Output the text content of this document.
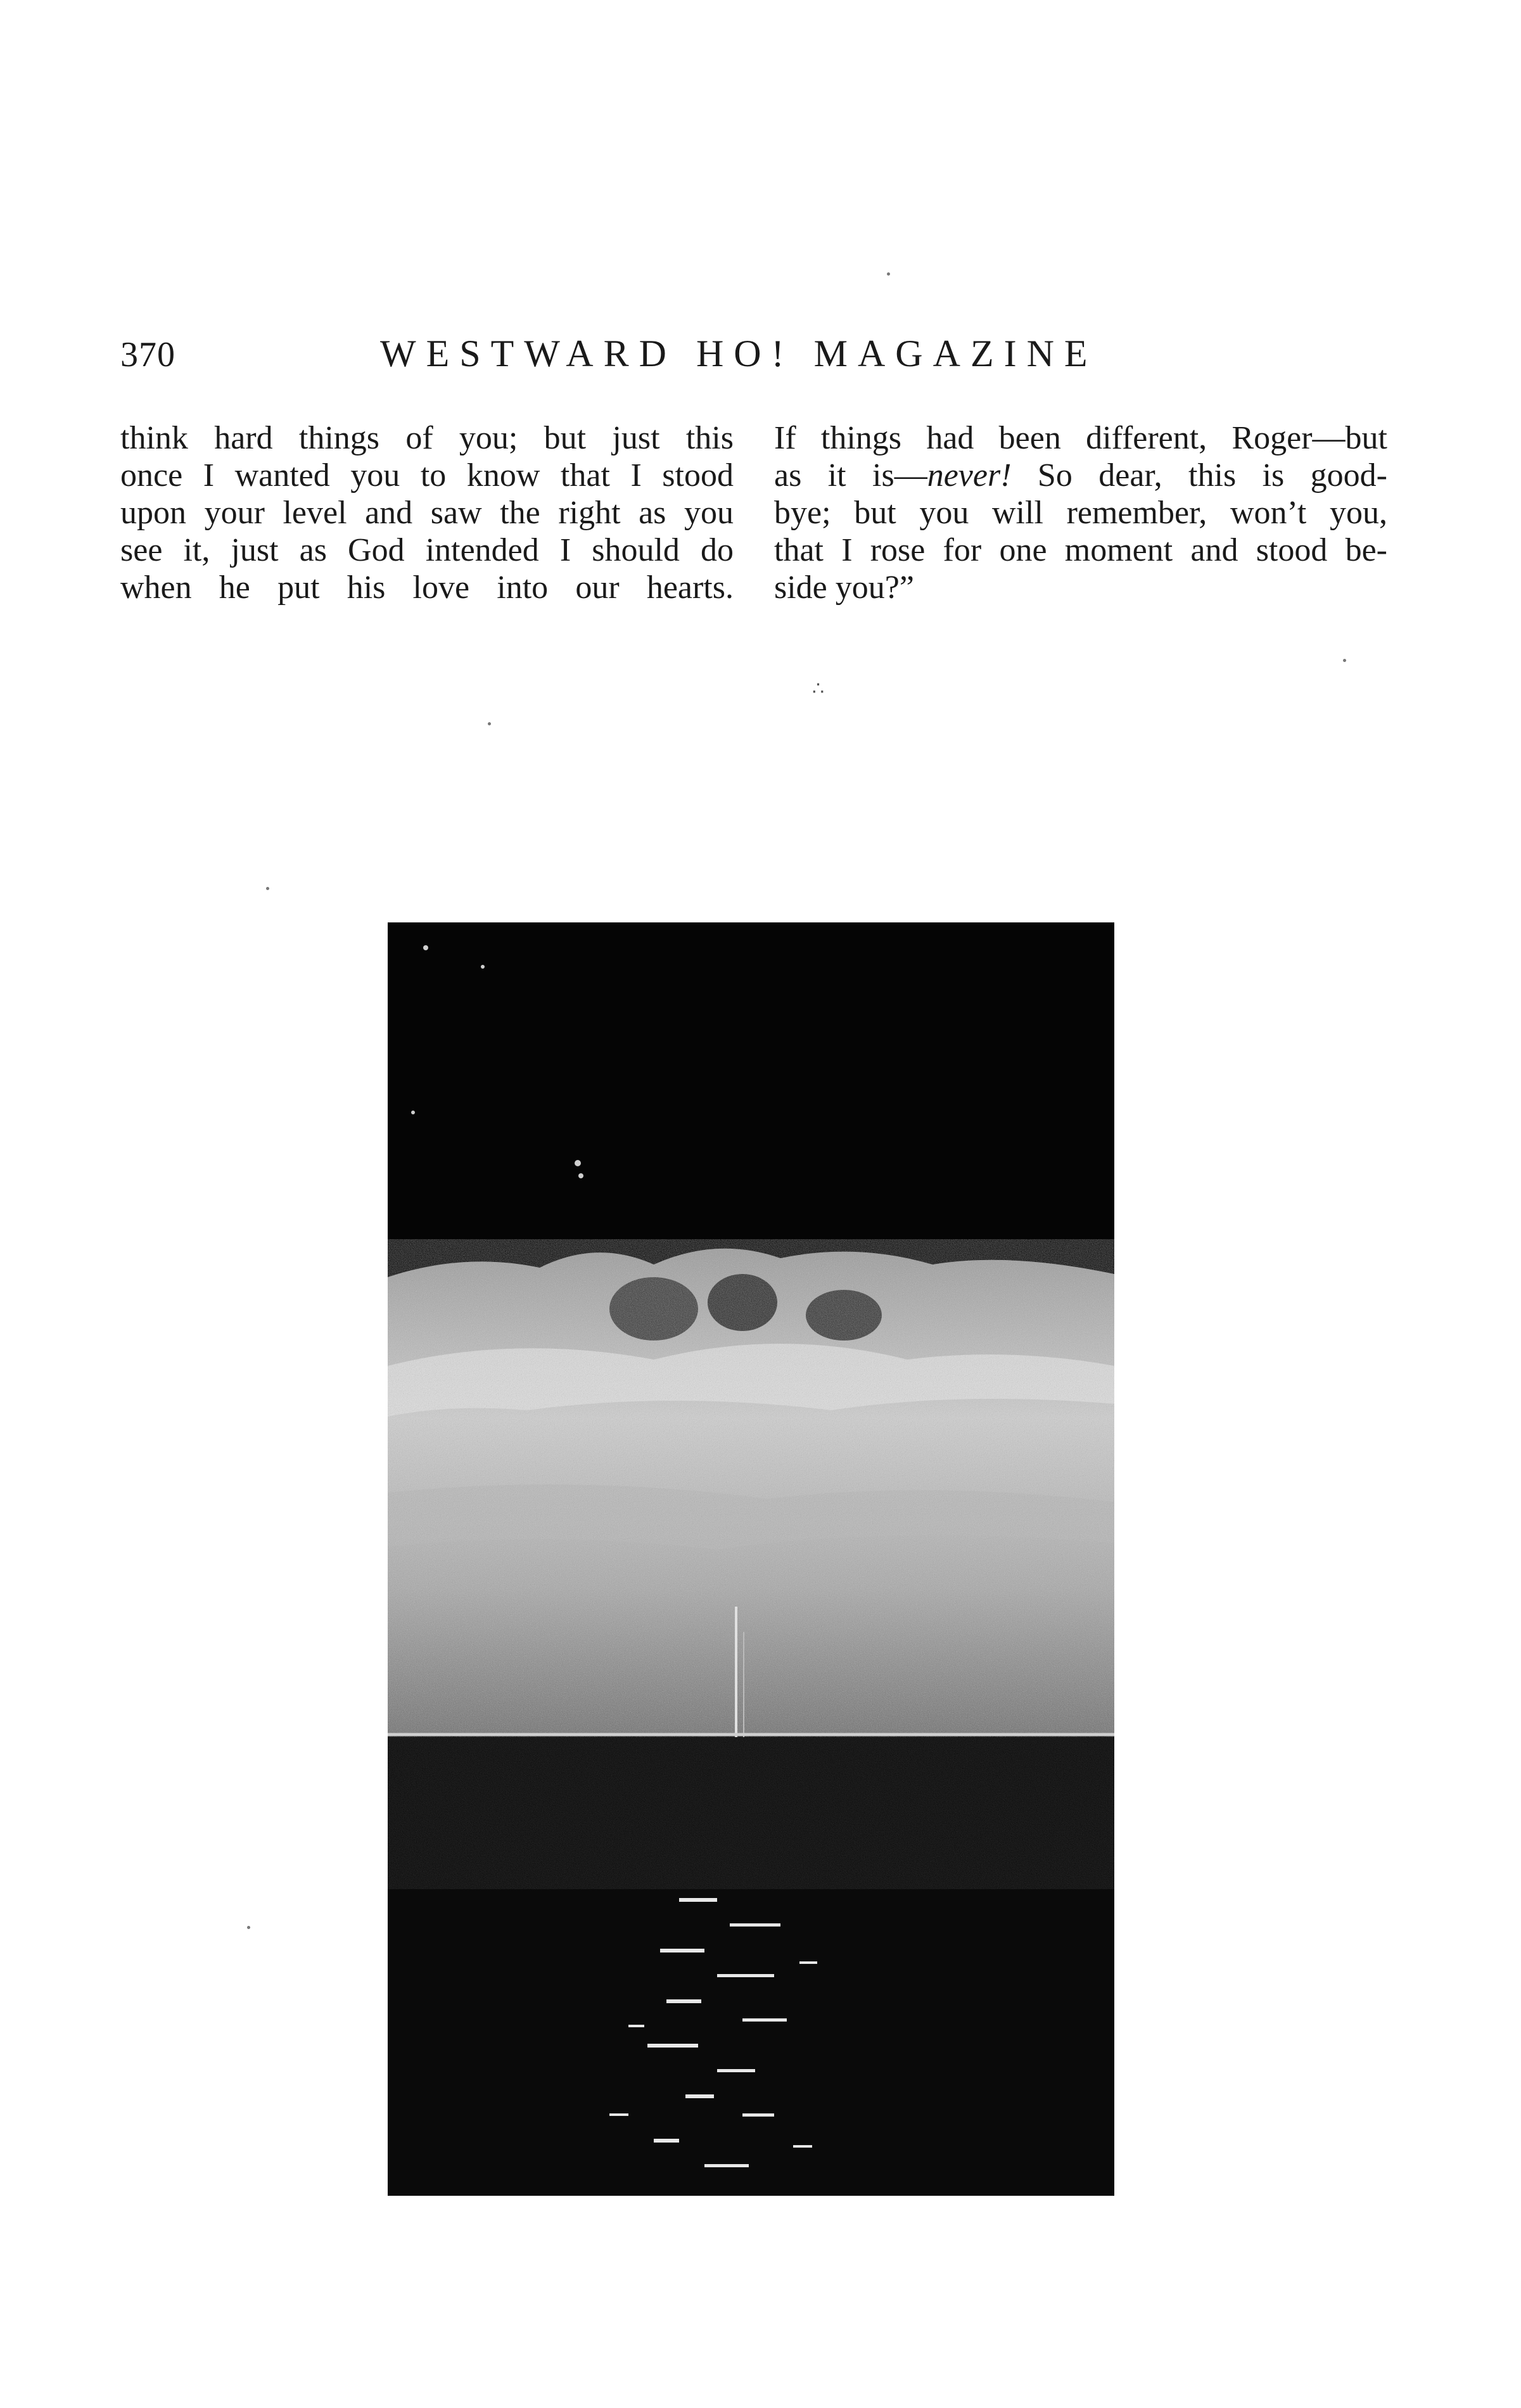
370	WESTWARD HO! MAGAZINE

think hard things of you; but just this

once I wanted you to know that I stood

upon your level and saw the right as you

see it, just as God intended I should do

when he put his love into our hearts.

If things had been different, Roger—but

as it is—never! So dear, this is good-

bye; but you will remember, won’t you,

that I rose for one moment and stood be-

side you?”

∴
